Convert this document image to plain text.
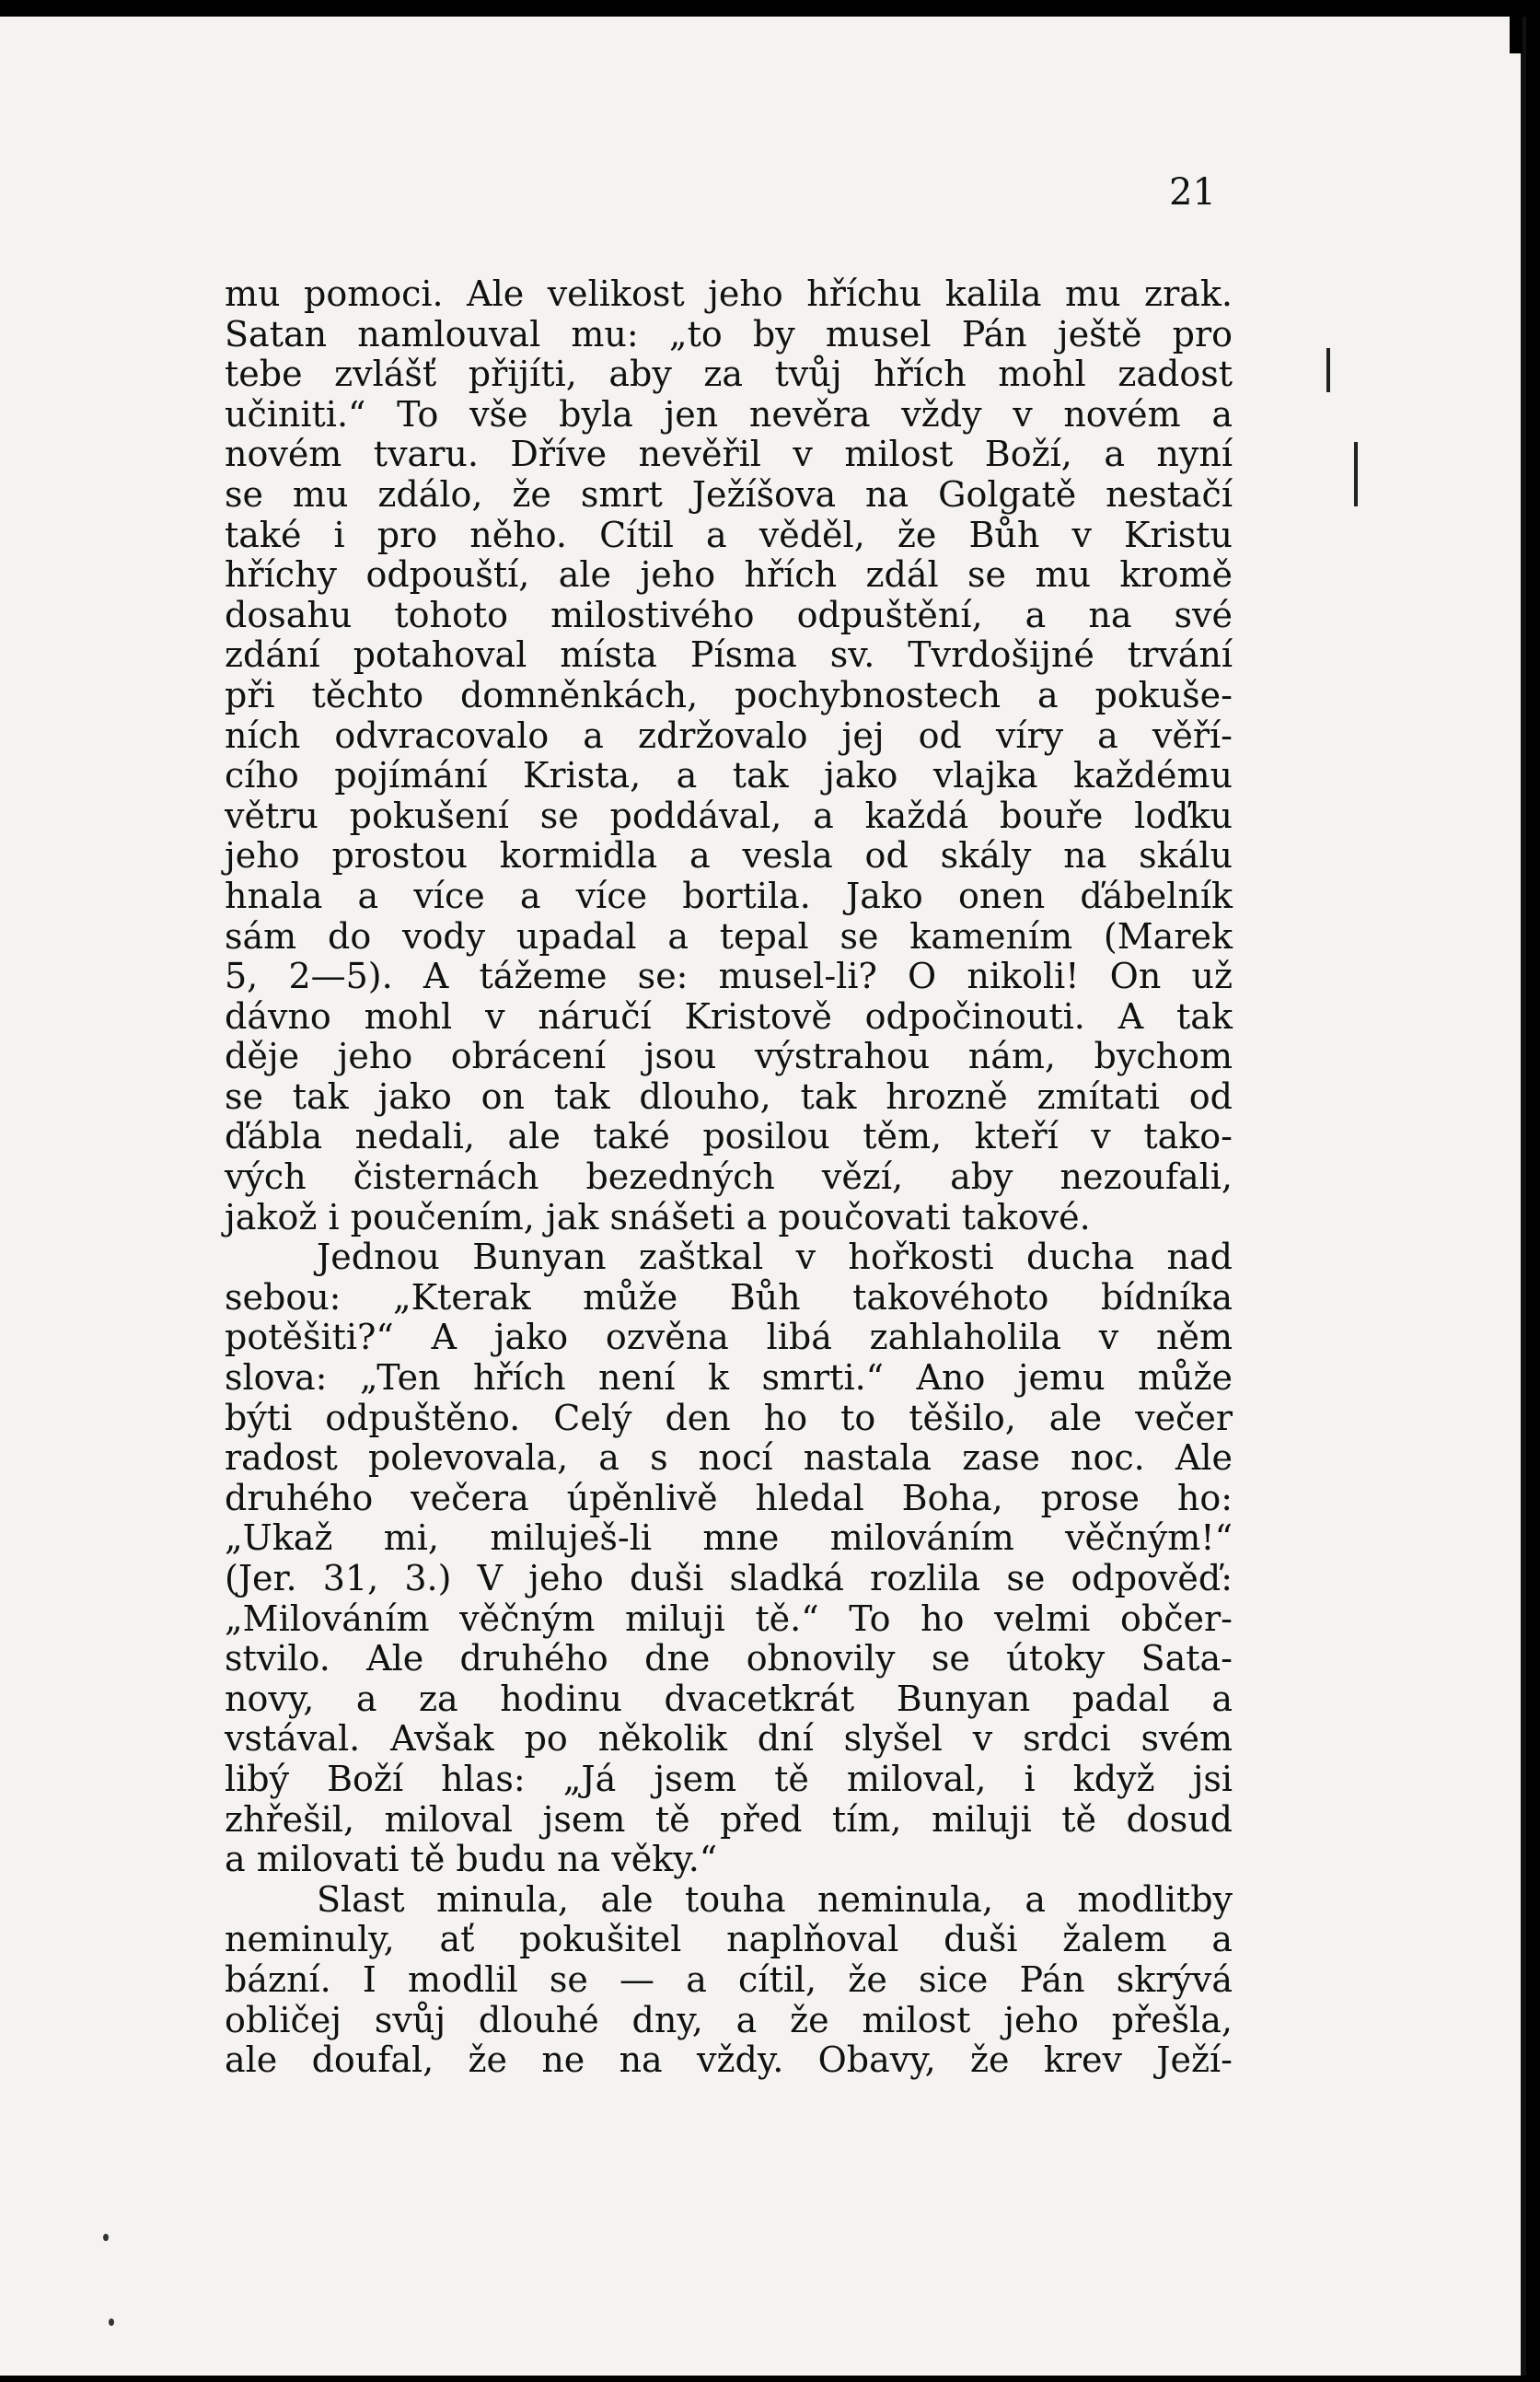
21
mu pomoci. Ale velikost jeho hříchu kalila mu zrak.
Satan namlouval mu: „to by musel Pán ještě pro
tebe zvlášť přijíti, aby za tvůj hřích mohl zadost
učiniti.“ To vše byla jen nevěra vždy v novém a
novém tvaru. Dříve nevěřil v milost Boží, a nyní
se mu zdálo, že smrt Ježíšova na Golgatě nestačí
také i pro něho. Cítil a věděl, že Bůh v Kristu
hříchy odpouští, ale jeho hřích zdál se mu kromě
dosahu tohoto milostivého odpuštění, a na své
zdání potahoval místa Písma sv. Tvrdošijné trvání
při těchto domněnkách, pochybnostech a pokuše-
ních odvracovalo a zdržovalo jej od víry a věří-
cího pojímání Krista, a tak jako vlajka každému
větru pokušení se poddával, a každá bouře loďku
jeho prostou kormidla a vesla od skály na skálu
hnala a více a více bortila. Jako onen ďábelník
sám do vody upadal a tepal se kamením (Marek
5, 2—5). A tážeme se: musel-li? O nikoli! On už
dávno mohl v náručí Kristově odpočinouti. A tak
děje jeho obrácení jsou výstrahou nám, bychom
se tak jako on tak dlouho, tak hrozně zmítati od
ďábla nedali, ale také posilou těm, kteří v tako-
vých čisternách bezedných vězí, aby nezoufali,
jakož i poučením, jak snášeti a poučovati takové.
Jednou Bunyan zaštkal v hořkosti ducha nad
sebou: „Kterak může Bůh takovéhoto bídníka
potěšiti?“ A jako ozvěna libá zahlaholila v něm
slova: „Ten hřích není k smrti.“ Ano jemu může
býti odpuštěno. Celý den ho to těšilo, ale večer
radost polevovala, a s nocí nastala zase noc. Ale
druhého večera úpěnlivě hledal Boha, prose ho:
„Ukaž mi, miluješ-li mne milováním věčným!“
(Jer. 31, 3.) V jeho duši sladká rozlila se odpověď:
„Milováním věčným miluji tě.“ To ho velmi občer-
stvilo. Ale druhého dne obnovily se útoky Sata-
novy, a za hodinu dvacetkrát Bunyan padal a
vstával. Avšak po několik dní slyšel v srdci svém
libý Boží hlas: „Já jsem tě miloval, i když jsi
zhřešil, miloval jsem tě před tím, miluji tě dosud
a milovati tě budu na věky.“
Slast minula, ale touha neminula, a modlitby
neminuly, ať pokušitel naplňoval duši žalem a
bázní. I modlil se — a cítil, že sice Pán skrývá
obličej svůj dlouhé dny, a že milost jeho přešla,
ale doufal, že ne na vždy. Obavy, že krev Ježí-
